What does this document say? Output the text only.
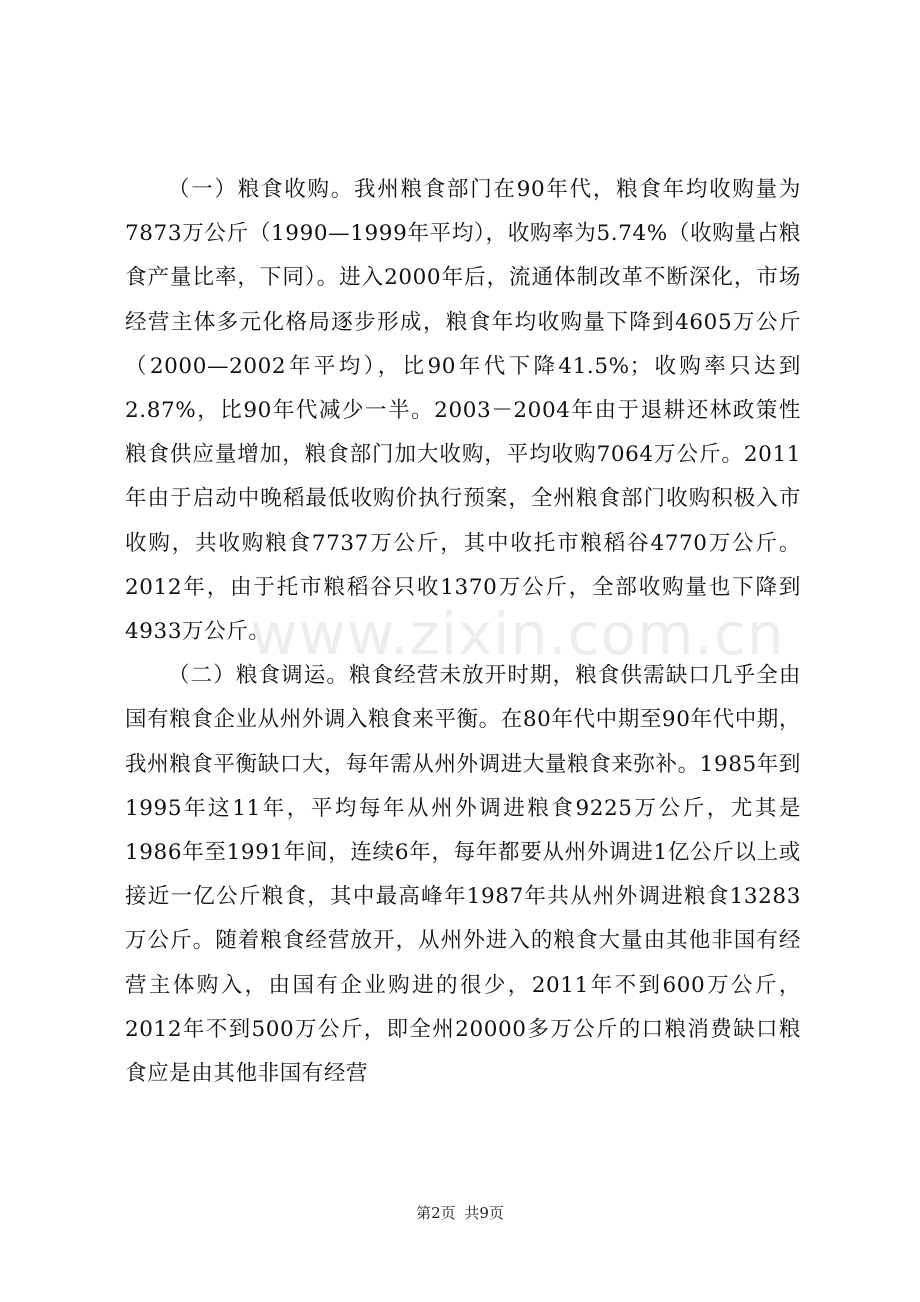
（一）粮食收购。我州粮食部门在90年代，粮食年均收购量为7873万公斤（1990—1999年平均），收购率为5.74%（收购量占粮食产量比率，下同）。进入2000年后，流通体制改革不断深化，市场经营主体多元化格局逐步形成，粮食年均收购量下降到4605万公斤（2000—2002年平均），比90年代下降41.5%；收购率只达到2.87%，比90年代减少一半。2003－2004年由于退耕还林政策性粮食供应量增加，粮食部门加大收购，平均收购7064万公斤。2011年由于启动中晚稻最低收购价执行预案，全州粮食部门收购积极入市收购，共收购粮食7737万公斤，其中收托市粮稻谷4770万公斤。2012年，由于托市粮稻谷只收1370万公斤，全部收购量也下降到4933万公斤。

（二）粮食调运。粮食经营未放开时期，粮食供需缺口几乎全由国有粮食企业从州外调入粮食来平衡。在80年代中期至90年代中期，我州粮食平衡缺口大，每年需从州外调进大量粮食来弥补。1985年到1995年这11年，平均每年从州外调进粮食9225万公斤，尤其是1986年至1991年间，连续6年，每年都要从州外调进1亿公斤以上或接近一亿公斤粮食，其中最高峰年1987年共从州外调进粮食13283万公斤。随着粮食经营放开，从州外进入的粮食大量由其他非国有经营主体购入，由国有企业购进的很少，2011年不到600万公斤，2012年不到500万公斤，即全州20000多万公斤的口粮消费缺口粮食应是由其他非国有经营

www.zixin.com.cn
第2页 共9页
